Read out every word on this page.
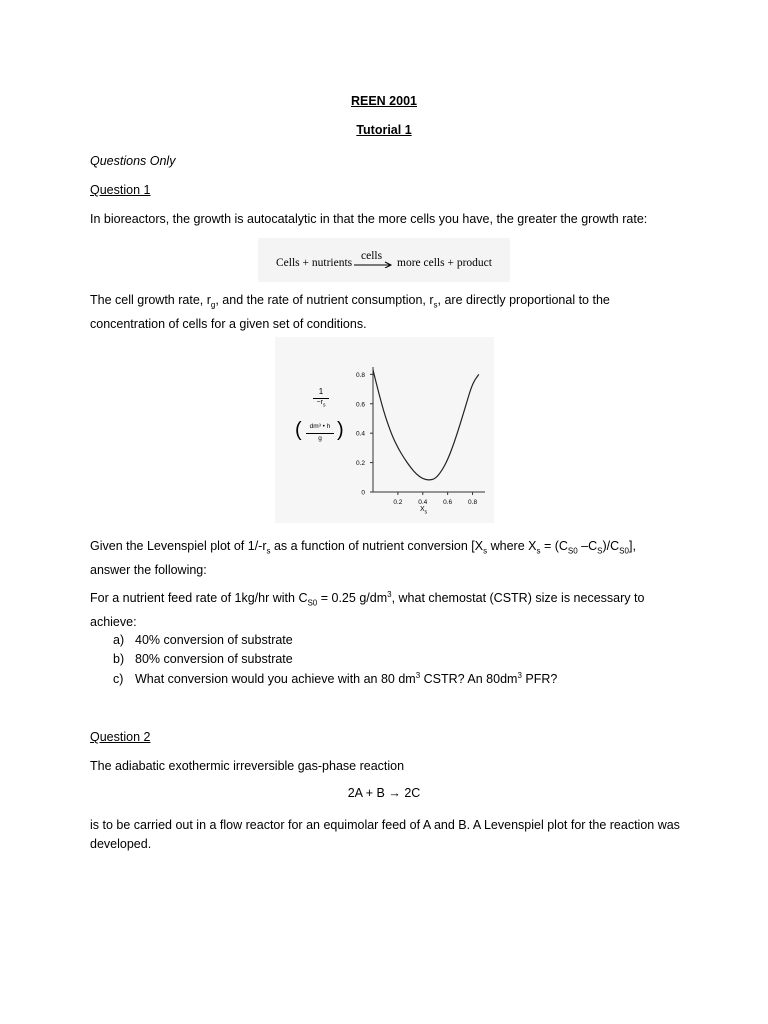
REEN 2001
Tutorial 1
Questions Only
Question 1
In bioreactors, the growth is autocatalytic in that the more cells you have, the greater the growth rate:
Cells + nutrients
cells
→ more cells + product
The cell growth rate, $r_g$, and the rate of nutrient consumption, $r_s$, are directly proportional to the concentration of cells for a given set of conditions.
0
0.2
0.4
0.6
0.8
0.2 0.4 0.6 0.8
1
$-r_s$
(	dm³ • h
g )
$X_s$
Given the Levenspiel plot of $1/-r_s$ as a function of nutrient conversion [$X_s$ where $X_s = (C_{S0}$ $-C_S)/C_{S0}$], answer the following:
For a nutrient feed rate of 1kg/hr with $C_{S0} = 0.25$ $g/dm^3$, what chemostat (CSTR) size is necessary to achieve:
a) 40% conversion of substrate
b) 80% conversion of substrate
c) What conversion would you achieve with an 80 $dm^3$ CSTR? An $80dm^3$ PFR?
Question 2
The adiabatic exothermic irreversible gas-phase reaction
2A + B → 2C
is to be carried out in a flow reactor for an equimolar feed of A and B. A Levenspiel plot for the reaction was developed.
